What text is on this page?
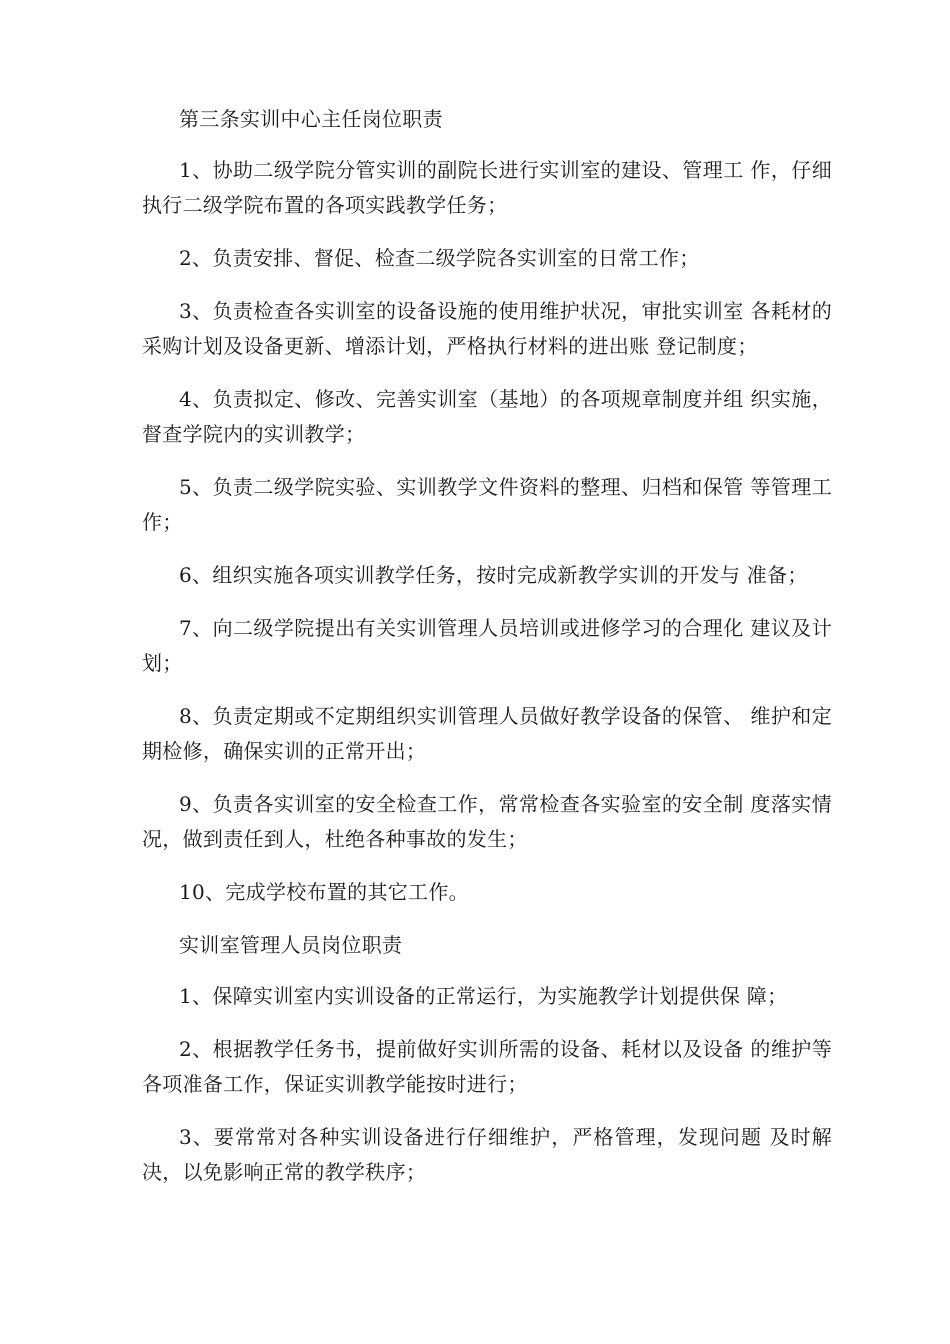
第三条实训中心主任岗位职责

1、协助二级学院分管实训的副院长进行实训室的建设、管理工 作，仔细执行二级学院布置的各项实践教学任务；

2、负责安排、督促、检查二级学院各实训室的日常工作；

3、负责检查各实训室的设备设施的使用维护状况，审批实训室 各耗材的采购计划及设备更新、增添计划，严格执行材料的进出账 登记制度；

4、负责拟定、修改、完善实训室（基地）的各项规章制度并组 织实施，督查学院内的实训教学；

5、负责二级学院实验、实训教学文件资料的整理、归档和保管 等管理工作；

6、组织实施各项实训教学任务，按时完成新教学实训的开发与 准备；

7、向二级学院提出有关实训管理人员培训或进修学习的合理化 建议及计划；

8、负责定期或不定期组织实训管理人员做好教学设备的保管、 维护和定期检修，确保实训的正常开出；

9、负责各实训室的安全检查工作，常常检查各实验室的安全制 度落实情况，做到责任到人，杜绝各种事故的发生；

10、完成学校布置的其它工作。

实训室管理人员岗位职责

1、保障实训室内实训设备的正常运行，为实施教学计划提供保 障；

2、根据教学任务书，提前做好实训所需的设备、耗材以及设备 的维护等各项准备工作，保证实训教学能按时进行；

3、要常常对各种实训设备进行仔细维护，严格管理，发现问题 及时解决，以免影响正常的教学秩序；
